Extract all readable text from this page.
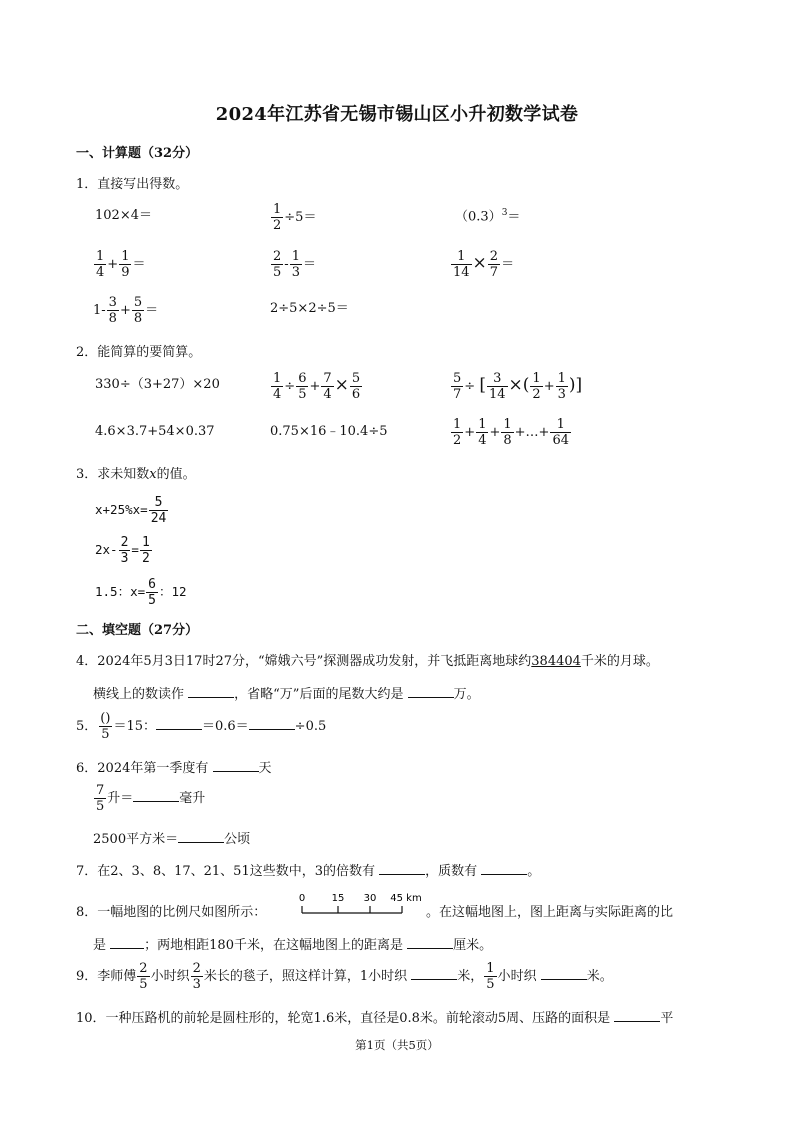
2024年江苏省无锡市锡山区小升初数学试卷
一、计算题（32分）
1．直接写出得数。
102×4＝	$\frac{1}{2} \div 5=$	$(0.3)^3=$
$\frac{1}{4} + \frac{1}{9}$ ＝	$\frac{2}{5} - \frac{1}{3}$ ＝	$\frac{1}{14} \times \frac{2}{7}$ ＝
$1- \frac{3}{8} + \frac{5}{8}$ ＝	2÷5×2÷5＝
2．能简算的要简算。
330÷（3+27）×20	$\frac{1}{4} \div \frac{6}{5} + \frac{7}{4} \times \frac{5}{6}$	$\frac{5}{7}$ ÷ [ $\frac{3}{14}$ ×( $\frac{1}{2} + \frac{1}{3}$ )]
4.6×3.7+54×0.37	0.75×16﹣10.4÷5	$\frac{1}{2} + \frac{1}{4} + \frac{1}{8}$ +…+ $\frac{1}{64}$
3．求未知数x的值。
$x+25\%x= \frac{5}{24}$
$2x- \frac{2}{3} = \frac{1}{2}$
1.5：$x= \frac{6}{5}$ ：12
二、填空题（27分）
4．2024年5月3日17时27分，“嫦娥六号”探测器成功发射，并飞抵距离地球约384404千米的月球。
横线上的数读作	，省略“万”后面的尾数大约是	万。
5． $\frac{()}{5} =15$：	＝0.6＝	÷0.5
6．2024年第一季度有	天
$\frac{7}{5}$ 升＝	毫升
2500平方米＝	公顷
7．在2、3、8、17、21、51这些数中，3的倍数有	，质数有	。
8．一幅地图的比例尺如图所示：
0	15 30 45 km
。在这幅地图上，图上距离与实际距离的比
是	；两地相距180千米，在这幅地图上的距离是	厘米。
9．李师傅 $\frac{2}{5}$ 小时织 $\frac{2}{3}$ 米长的毯子，照这样计算，1小时织	米， $\frac{1}{5}$ 小时织	米。
10．一种压路机的前轮是圆柱形的，轮宽1.6米，直径是0.8米。前轮滚动5周、压路的面积是	平
第1页（共5页）
